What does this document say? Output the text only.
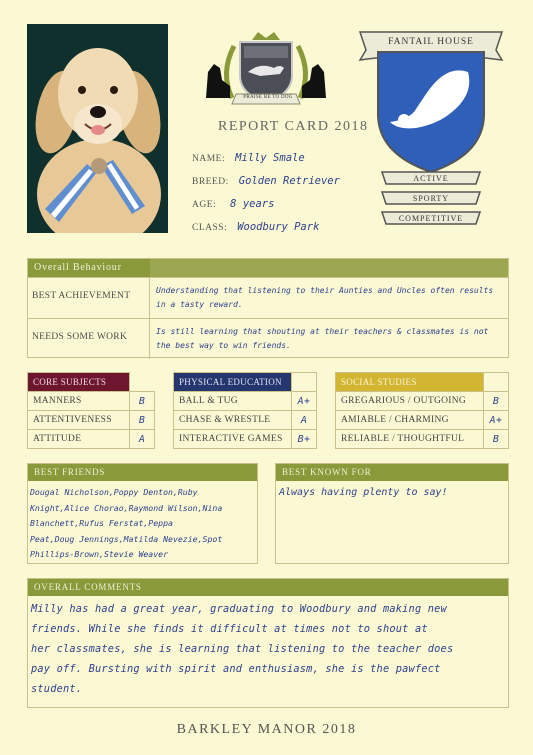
PRAISE BE TO DOG
REPORT CARD 2018
NAME: Milly Smale
BREED: Golden Retriever
AGE: 8 years
CLASS: Woodbury Park
FANTAIL HOUSE
ACTIVE
SPORTY
COMPETITIVE
Overall Behaviour
BEST ACHIEVEMENT
Understanding that listening to their Aunties and Uncles often results in a tasty reward.
NEEDS SOME WORK
Is still learning that shouting at their teachers & classmates is not the best way to win friends.
CORE SUBJECTS	
MANNERS	B
ATTENTIVENESS	B
ATTITUDE	A
PHYSICAL EDUCATION	
BALL & TUG	A+
CHASE & WRESTLE	A
INTERACTIVE GAMES	B+
SOCIAL STUDIES	
GREGARIOUS / OUTGOING	B
AMIABLE / CHARMING	A+
RELIABLE / THOUGHTFUL	B
BEST FRIENDS
Dougal Nicholson,Poppy Denton,Ruby
Knight,Alice Chorao,Raymond Wilson,Nina
Blanchett,Rufus Ferstat,Peppa
Peat,Doug Jennings,Matilda Nevezie,Spot
Phillips-Brown,Stevie Weaver
BEST KNOWN FOR
Always having plenty to say!
OVERALL COMMENTS
Milly has had a great year, graduating to Woodbury and making new
friends. While she finds it difficult at times not to shout at
her classmates, she is learning that listening to the teacher does
pay off. Bursting with spirit and enthusiasm, she is the pawfect
student.
BARKLEY MANOR 2018
